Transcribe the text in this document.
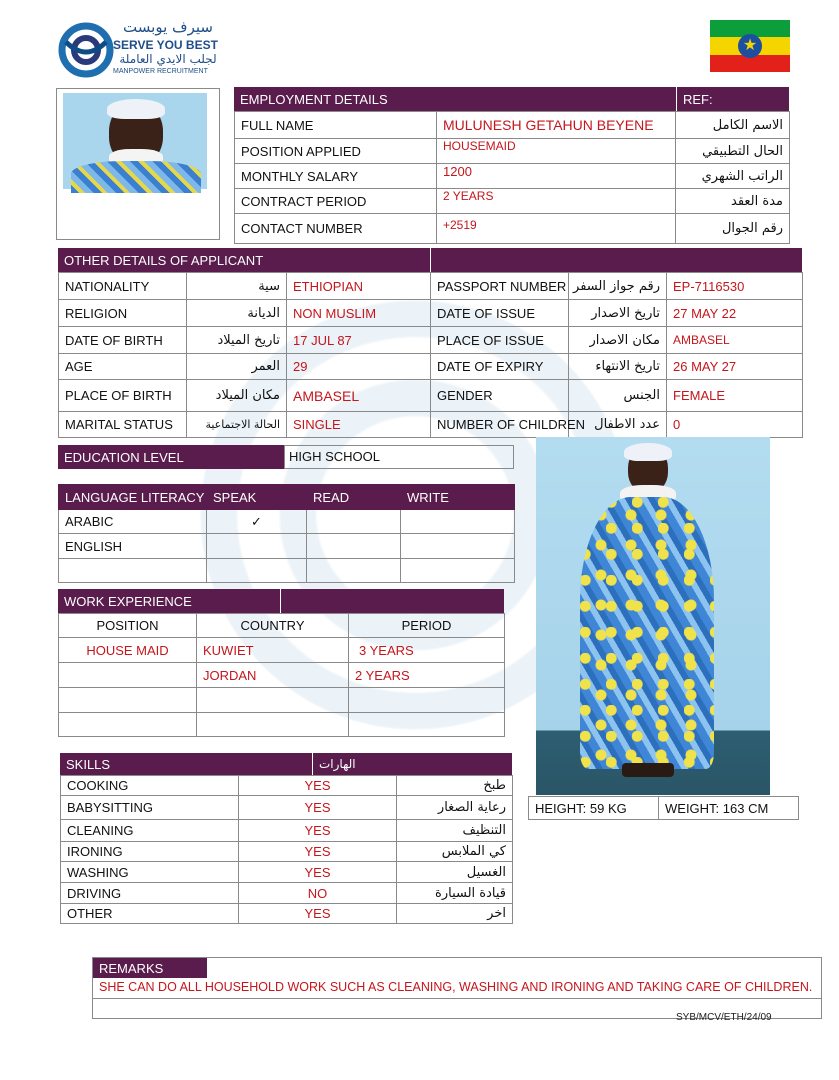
سيرف يوبست
SERVE YOU BEST
لجلب الايدي العاملة
MANPOWER RECRUITMENT
★
EMPLOYMENT DETAILS	REF:
FULL NAME	MULUNESH GETAHUN BEYENE	الاسم الكامل
POSITION APPLIED	HOUSEMAID	الحال التطبيقي
MONTHLY SALARY	1200	الراتب الشهري
CONTRACT PERIOD	2 YEARS	مدة العقد
CONTACT NUMBER	+2519	رقم الجوال
OTHER DETAILS OF APPLICANT
NATIONALITY	سية	ETHIOPIAN	PASSPORT NUMBER	رقم جواز السفر	EP-7116530
RELIGION	الديانة	NON MUSLIM	DATE OF ISSUE	تاريخ الاصدار	27 MAY 22
DATE OF BIRTH	تاريخ الميلاد	17 JUL 87	PLACE OF ISSUE	مكان الاصدار	AMBASEL
AGE	العمر	29	DATE OF EXPIRY	تاريخ الانتهاء	26 MAY 27
PLACE OF BIRTH	مكان الميلاد	AMBASEL	GENDER	الجنس	FEMALE
MARITAL STATUS	الحالة الاجتماعية	SINGLE	NUMBER OF CHILDREN	عدد الاطفال	0
EDUCATION LEVEL	HIGH SCHOOL
LANGUAGE LITERACY	SPEAK	READ	WRITE
ARABIC	✓		
ENGLISH			

WORK EXPERIENCE
POSITION	COUNTRY	PERIOD
HOUSE MAID	KUWIET	3 YEARS
	JORDAN	2 YEARS

HEIGHT: 59 KG	WEIGHT: 163 CM
SKILLS	الهارات
COOKING	YES	طبخ
BABYSITTING	YES	رعاية الصغار
CLEANING	YES	التنظيف
IRONING	YES	كي الملابس
WASHING	YES	الغسيل
DRIVING	NO	قيادة السيارة
OTHER	YES	اخر
REMARKS
SHE CAN DO ALL HOUSEHOLD WORK SUCH AS CLEANING, WASHING AND IRONING AND TAKING CARE OF CHILDREN.
SYB/MCV/ETH/24/09
